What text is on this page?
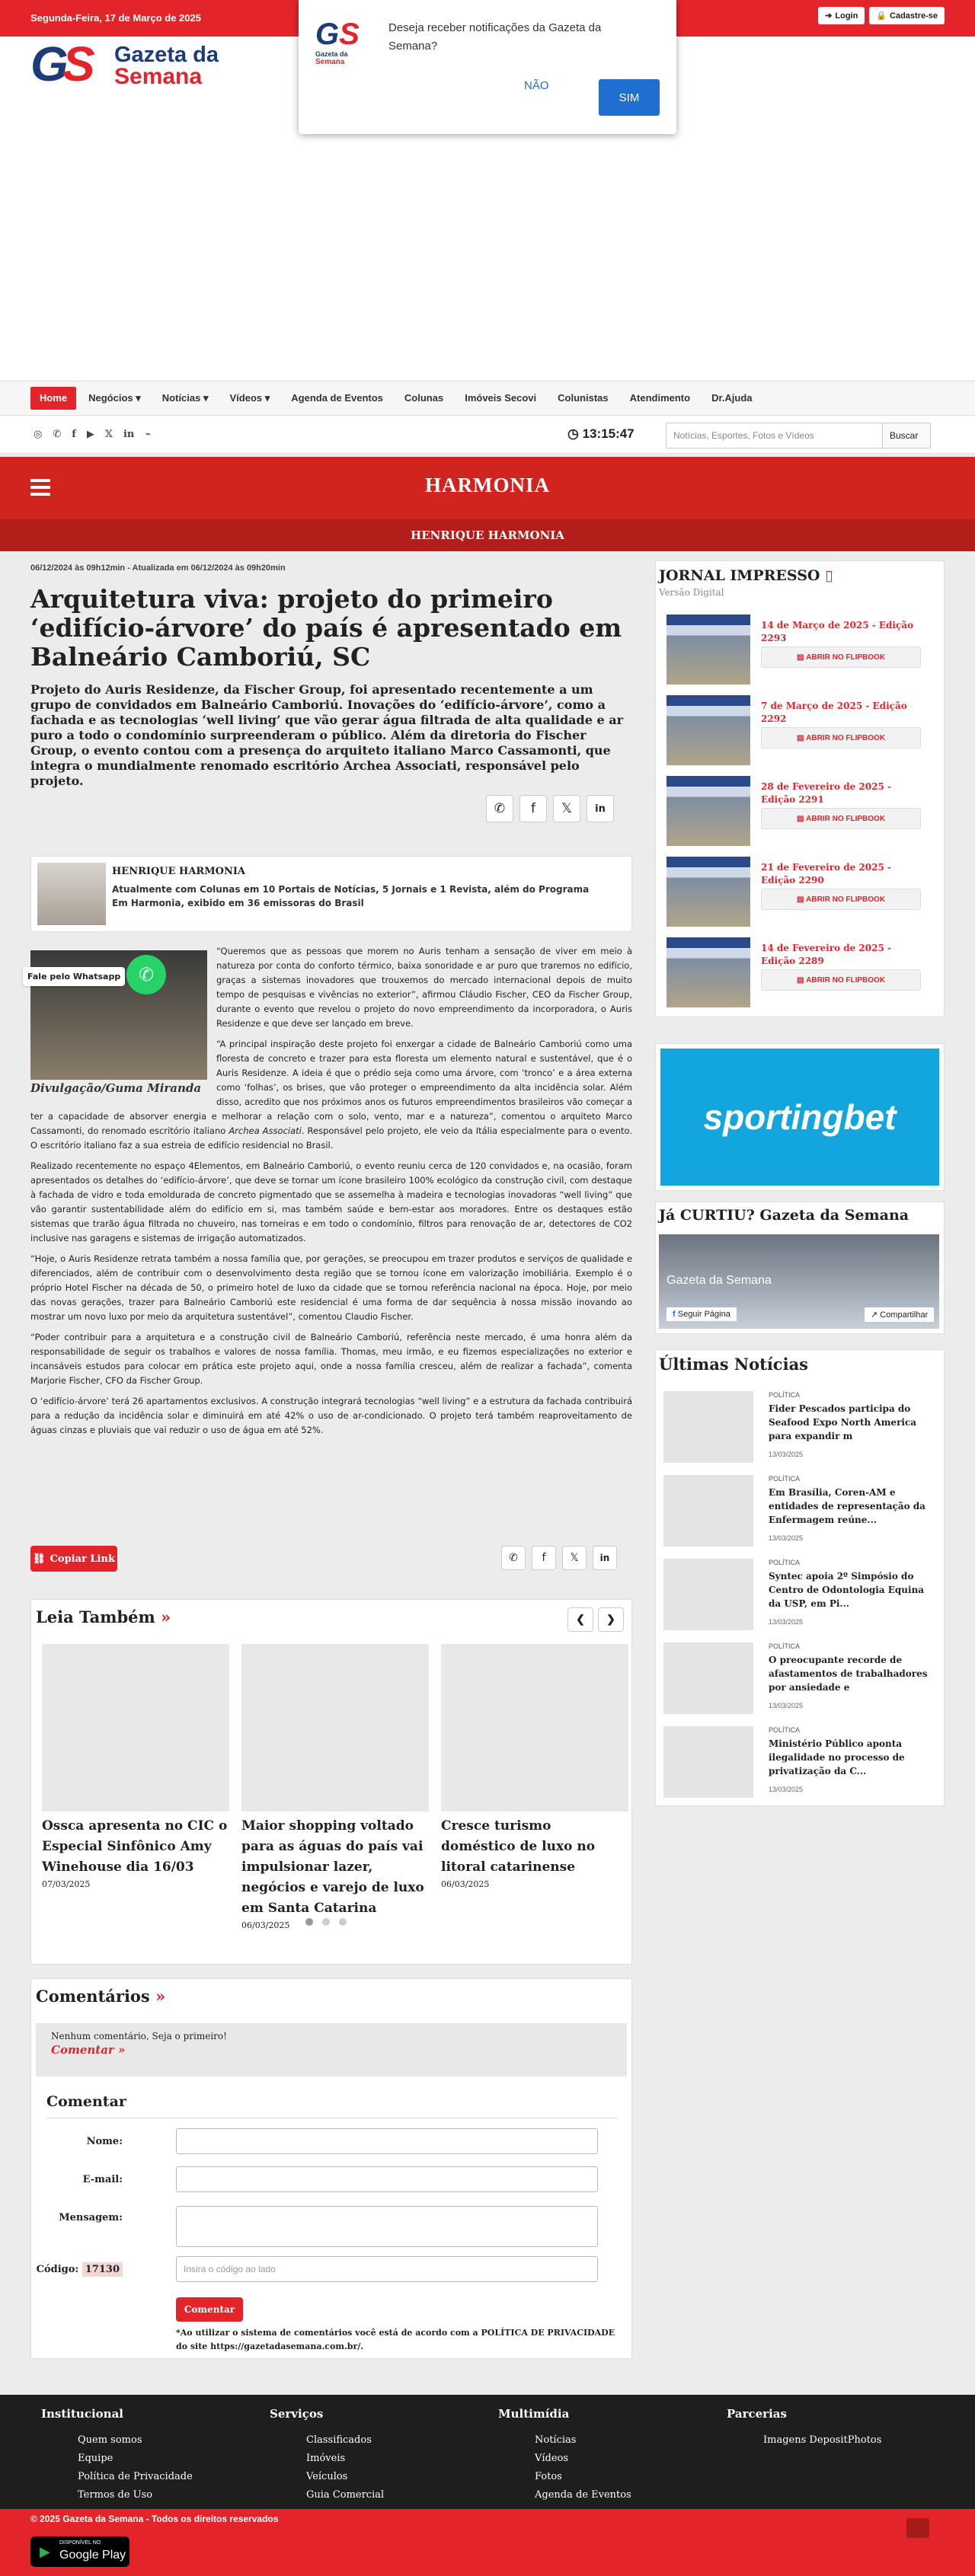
Segunda-Feira, 17 de Março de 2025	➔ Login 🔒 Cadastre-se
G
S Gazeta da
Semana
GS
Gazeta da
Semana
Deseja receber notificações da Gazeta da Semana?
NÃO
SIM
Home	Negócios ▾	Notícias ▾	Vídeos ▾	Agenda de Eventos	Colunas	Imóveis Secovi	Colunistas	Atendimento	Dr.Ajuda
◎ ✆ f ▶ 𝕏 in ⌁	◷ 13:15:47	Notícias, Esportes, Fotos e Vídeos	Buscar
HARMONIA
HENRIQUE HARMONIA
06/12/2024 às 09h12min - Atualizada em 06/12/2024 às 09h20min
Arquitetura viva: projeto do primeiro ‘edifício-árvore’ do país é apresentado em Balneário Camboriú, SC
Projeto do Auris Residenze, da Fischer Group, foi apresentado recentemente a um grupo de convidados em Balneário Camboriú. Inovações do ‘edifício-árvore’, como a fachada e as tecnologias ‘well living’ que vão gerar água filtrada de alta qualidade e ar puro a todo o condomínio surpreenderam o público. Além da diretoria do Fischer Group, o evento contou com a presença do arquiteto italiano Marco Cassamonti, que integra o mundialmente renomado escritório Archea Associati, responsável pelo projeto.
✆	f	𝕏	in
HENRIQUE HARMONIA
Atualmente com Colunas em 10 Portais de Notícias, 5 Jornais e 1 Revista, além do Programa Em Harmonia, exibido em 36 emissoras do Brasil
✆
Fale pelo Whatsapp
Divulgação/Guma Miranda

“Queremos que as pessoas que morem no Auris tenham a sensação de viver em meio à natureza por conta do conforto térmico, baixa sonoridade e ar puro que traremos no edifício, graças a sistemas inovadores que trouxemos do mercado internacional depois de muito tempo de pesquisas e vivências no exterior”, afirmou Cláudio Fischer, CEO da Fischer Group, durante o evento que revelou o projeto do novo empreendimento da incorporadora, o Auris Residenze e que deve ser lançado em breve.

“A principal inspiração deste projeto foi enxergar a cidade de Balneário Camboriú como uma floresta de concreto e trazer para esta floresta um elemento natural e sustentável, que é o Auris Residenze. A ideia é que o prédio seja como uma árvore, com ‘tronco’ e a área externa como ‘folhas’, os brises, que vão proteger o empreendimento da alta incidência solar. Além disso, acredito que nos próximos anos os futuros empreendimentos brasileiros vão começar a ter a capacidade de absorver energia e melhorar a relação com o solo, vento, mar e a natureza”, comentou o arquiteto Marco Cassamonti, do renomado escritório italiano Archea Associati. Responsável pelo projeto, ele veio da Itália especialmente para o evento. O escritório italiano faz a sua estreia de edifício residencial no Brasil.

Realizado recentemente no espaço 4Elementos, em Balneário Camboriú, o evento reuniu cerca de 120 convidados e, na ocasião, foram apresentados os detalhes do ‘edifício-árvore’, que deve se tornar um ícone brasileiro 100% ecológico da construção civil, com destaque à fachada de vidro e toda emoldurada de concreto pigmentado que se assemelha à madeira e tecnologias inovadoras “well living” que vão garantir sustentabilidade além do edifício em si, mas também saúde e bem-estar aos moradores. Entre os destaques estão sistemas que trarão água filtrada no chuveiro, nas torneiras e em todo o condomínio, filtros para renovação de ar, detectores de CO2 inclusive nas garagens e sistemas de irrigação automatizados.

“Hoje, o Auris Residenze retrata também a nossa família que, por gerações, se preocupou em trazer produtos e serviços de qualidade e diferenciados, além de contribuir com o desenvolvimento desta região que se tornou ícone em valorização imobiliária. Exemplo é o próprio Hotel Fischer na década de 50, o primeiro hotel de luxo da cidade que se tornou referência nacional na época. Hoje, por meio das novas gerações, trazer para Balneário Camboriú este residencial é uma forma de dar sequência à nossa missão inovando ao mostrar um novo luxo por meio da arquitetura sustentável”, comentou Claudio Fischer.

“Poder contribuir para a arquitetura e a construção civil de Balneário Camboriú, referência neste mercado, é uma honra além da responsabilidade de seguir os trabalhos e valores de nossa família. Thomas, meu irmão, e eu fizemos especializações no exterior e incansáveis estudos para colocar em prática este projeto aqui, onde a nossa família cresceu, além de realizar a fachada”, comenta Marjorie Fischer, CFO da Fischer Group.

O ‘edifício-árvore’ terá 26 apartamentos exclusivos. A construção integrará tecnologias “well living” e a estrutura da fachada contribuirá para a redução da incidência solar e diminuirá em até 42% o uso de ar-condicionado. O projeto terá também reaproveitamento de águas cinzas e pluviais que vai reduzir o uso de água em até 52%.

⛓ Copiar Link	✆	f	𝕏	in
Leia Também »	❮	❯
Ossca apresenta no CIC o Especial Sinfônico Amy Winehouse dia 16/03
07/03/2025
Maior shopping voltado para as águas do país vai impulsionar lazer, negócios e varejo de luxo em Santa Catarina
06/03/2025
Cresce turismo doméstico de luxo no litoral catarinense
06/03/2025
Comentários »
Nenhum comentário, Seja o primeiro!
Comentar »
Comentar
Nome:
E-mail:
Mensagem:
Código: 17130	Insira o código ao lado
Comentar
*Ao utilizar o sistema de comentários você está de acordo com a POLÍTICA DE PRIVACIDADE do site https://gazetadasemana.com.br/.
JORNAL IMPRESSO ▯
Versão Digital
14 de Março de 2025 - Edição 2293
▤ ABRIR NO FLIPBOOK
7 de Março de 2025 - Edição 2292
▤ ABRIR NO FLIPBOOK
28 de Fevereiro de 2025 - Edição 2291
▤ ABRIR NO FLIPBOOK
21 de Fevereiro de 2025 - Edição 2290
▤ ABRIR NO FLIPBOOK
14 de Fevereiro de 2025 - Edição 2289
▤ ABRIR NO FLIPBOOK
sportingbet
Já CURTIU? Gazeta da Semana
Gazeta da Semana
f Seguir Página	↗ Compartilhar
Últimas Notícias
POLÍTICA
Fider Pescados participa do Seafood Expo North America para expandir m
13/03/2025
POLÍTICA
Em Brasília, Coren-AM e entidades de representação da Enfermagem reúne...
13/03/2025
POLÍTICA
Syntec apoia 2º Simpósio do Centro de Odontologia Equina da USP, em Pi...
13/03/2025
POLÍTICA
O preocupante recorde de afastamentos de trabalhadores por ansiedade e
13/03/2025
POLÍTICA
Ministério Público aponta ilegalidade no processo de privatização da C...
13/03/2025
Institucional
Quem somos
Equipe
Política de Privacidade
Termos de Uso
Serviços
Classificados
Imóveis
Veículos
Guia Comercial
Multimídia
Notícias
Vídeos
Fotos
Agenda de Eventos
Parcerias
Imagens DepositPhotos
© 2025 Gazeta da Semana - Todos os direitos reservados
▶
DISPONÍVEL NO
Google Play
